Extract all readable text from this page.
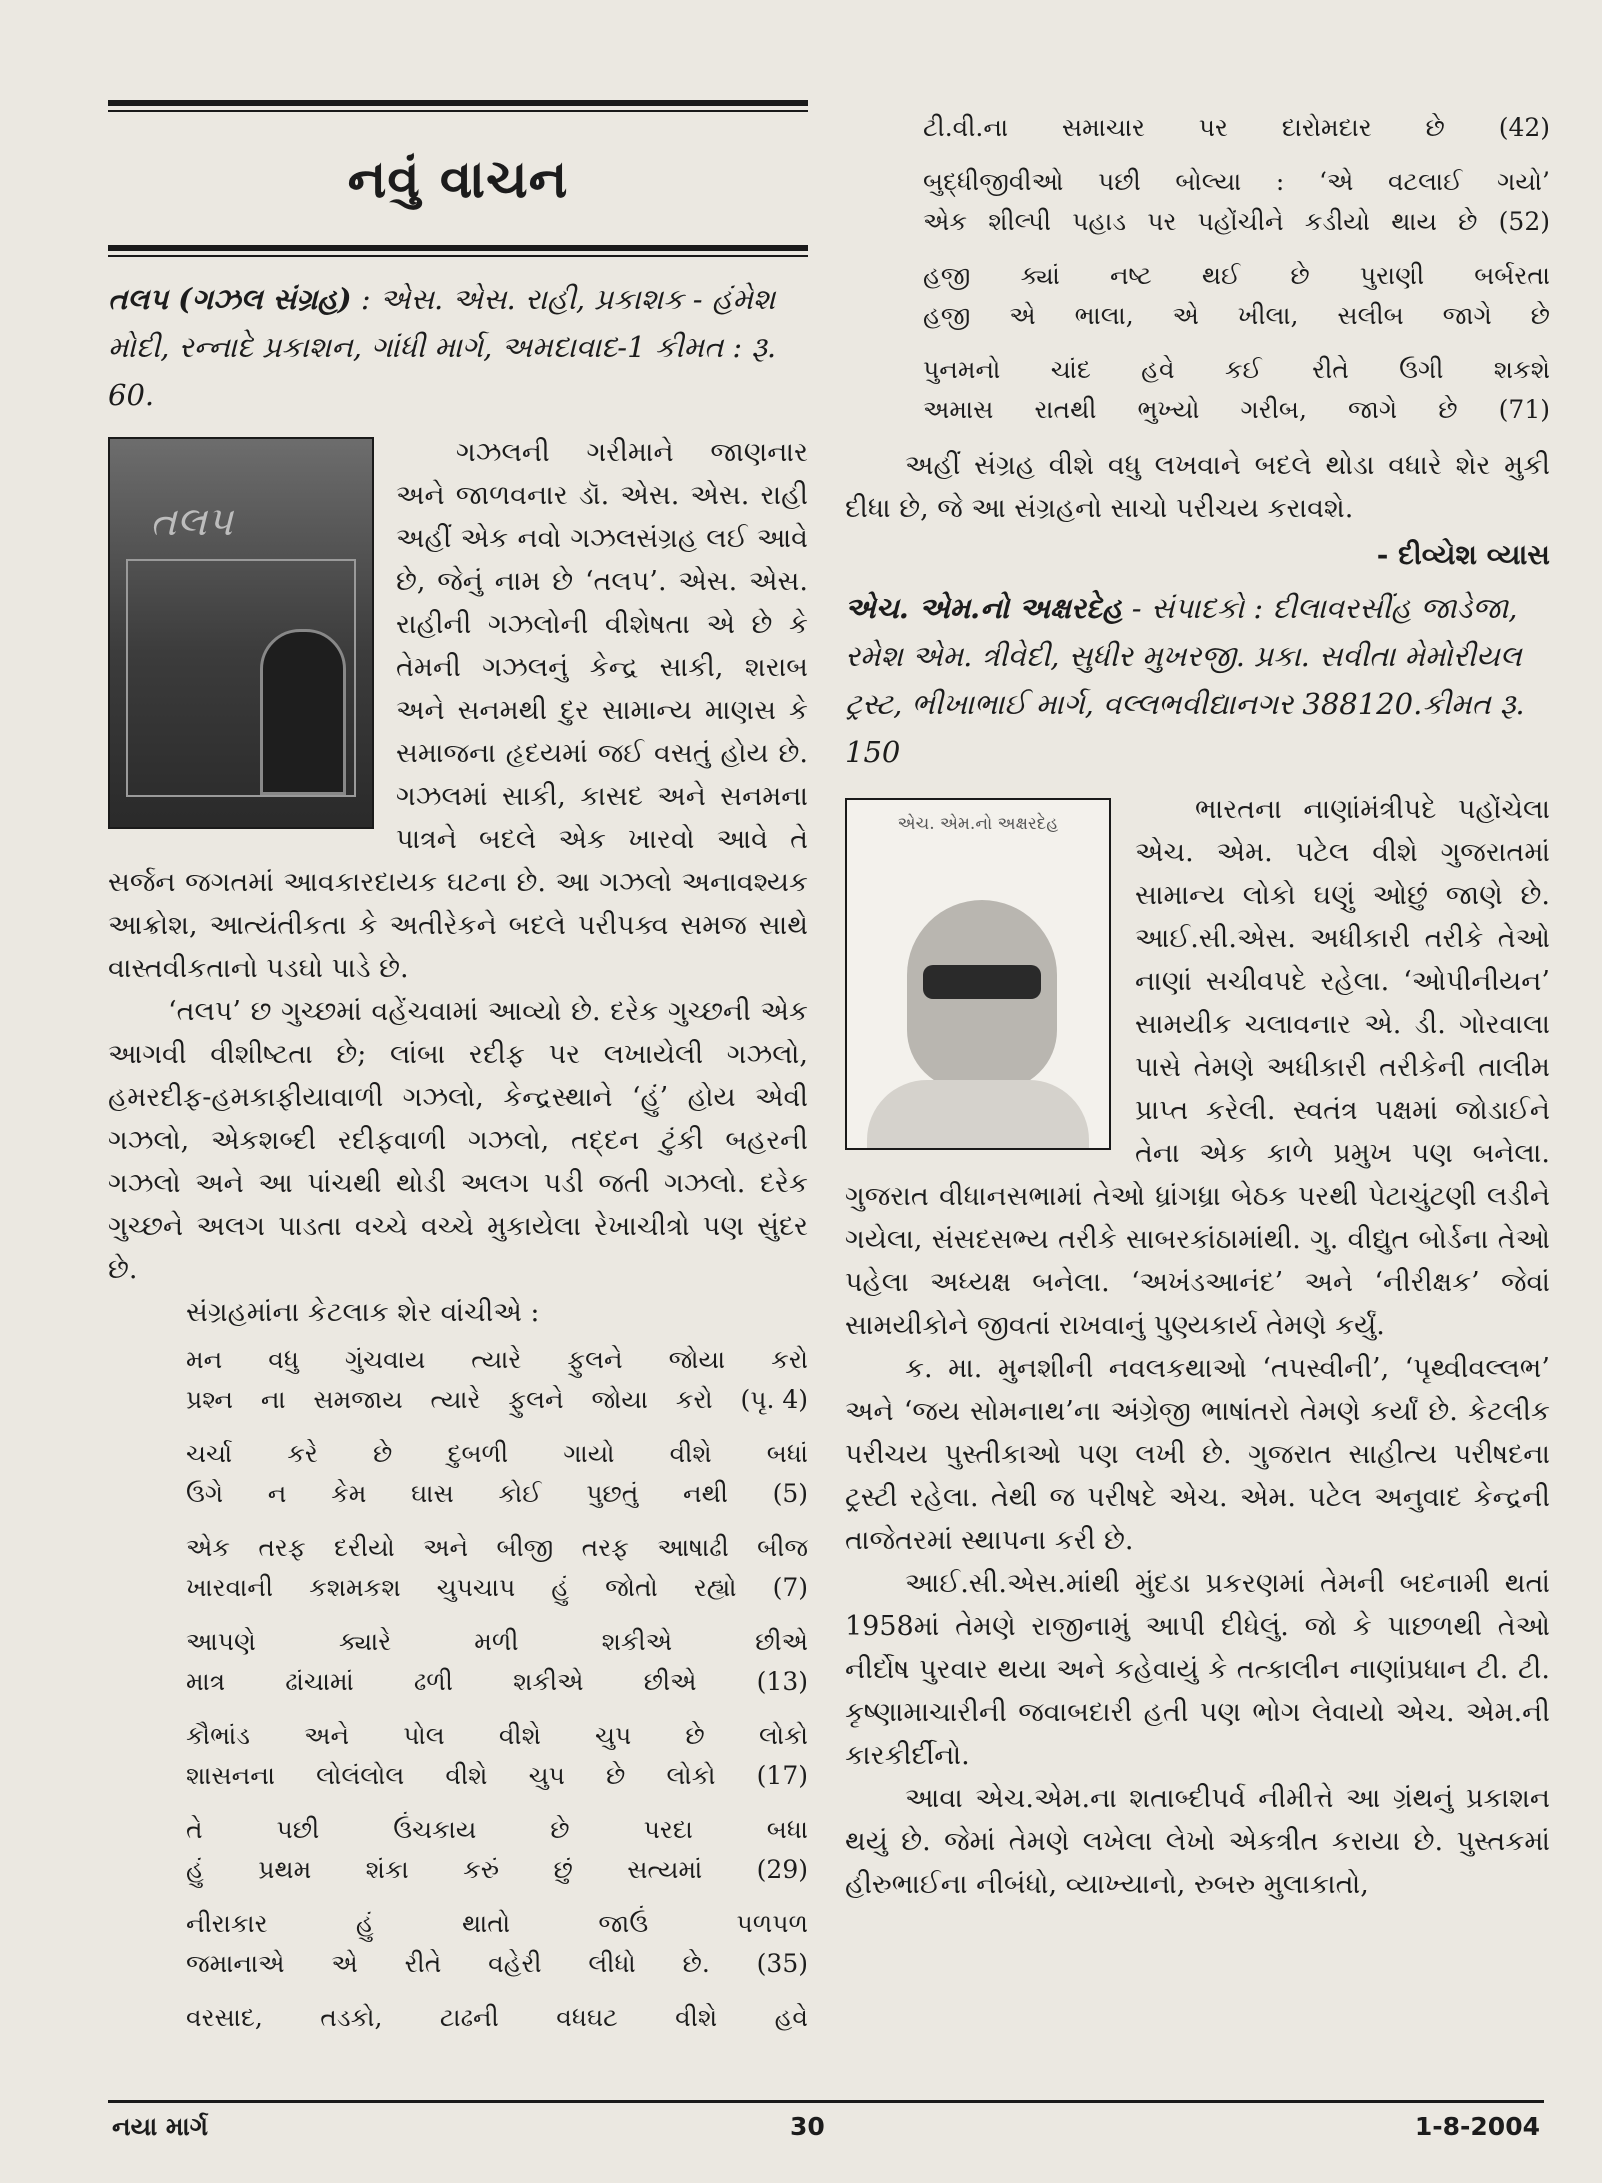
નવું વાચન
તલપ (ગઝલ સંગ્રહ) : એસ. એસ. રાહી, પ્રકાશક - હંમેશ મોદી, રન્નાદે પ્રકાશન, ગાંધી માર્ગ, અમદાવાદ-1 કીમત : રૂ. 60.
તલપ

ગઝલની ગરીમાને જાણનાર અને જાળવનાર ડૉ. એસ. એસ. રાહી અહીં એક નવો ગઝલસંગ્રહ લઈ આવે છે, જેનું નામ છે ‘તલપ’. એસ. એસ. રાહીની ગઝલોની વીશેષતા એ છે કે તેમની ગઝલનું કેન્દ્ર સાકી, શરાબ અને સનમથી દુર સામાન્ય માણસ કે સમાજના હૃદયમાં જઈ વસતું હોય છે. ગઝલમાં સાકી, કાસદ અને સનમના પાત્રને બદલે એક ખારવો આવે તે સર્જન જગતમાં આવકારદાયક ઘટના છે. આ ગઝલો અનાવશ્યક આક્રોશ, આત્યંતીકતા કે અતીરેકને બદલે પરીપક્વ સમજ સાથે વાસ્તવીકતાનો પડઘો પાડે છે.

‘તલપ’ છ ગુચ્છમાં વહેંચવામાં આવ્યો છે. દરેક ગુચ્છની એક આગવી વીશીષ્ટતા છે; લાંબા રદીફ પર લખાયેલી ગઝલો, હમરદીફ-હમકાફીયાવાળી ગઝલો, કેન્દ્રસ્થાને ‘હું’ હોય એવી ગઝલો, એકશબ્દી રદીફવાળી ગઝલો, તદ્દન ટુંકી બહરની ગઝલો અને આ પાંચથી થોડી અલગ પડી જતી ગઝલો. દરેક ગુચ્છને અલગ પાડતા વચ્ચે વચ્ચે મુકાયેલા રેખાચીત્રો પણ સુંદર છે.

સંગ્રહમાંના કેટલાક શેર વાંચીએ :

મન વધુ ગુંચવાય ત્યારે ફુલને જોયા કરો
પ્રશ્ન ના સમજાય ત્યારે ફુલને જોયા કરો (પૃ. 4)
ચર્ચા કરે છે દુબળી ગાયો વીશે બધાં
ઉગે ન કેમ ઘાસ કોઈ પુછતું નથી (5)
એક તરફ દરીયો અને બીજી તરફ આષાઢી બીજ
ખારવાની કશમકશ ચુપચાપ હું જોતો રહ્યો (7)
આપણે ક્યારે મળી શકીએ છીએ
માત્ર ઢાંચામાં ઢળી શકીએ છીએ (13)
કૌભાંડ અને પોલ વીશે ચુપ છે લોકો
શાસનના લોલંલોલ વીશે ચુપ છે લોકો (17)
તે પછી ઉંચકાય છે પરદા બધા
હું પ્રથમ શંકા કરું છું સત્યમાં (29)
નીરાકાર હું થાતો જાઉં પળપળ
જમાનાએ એ રીતે વહેરી લીધો છે. (35)
વરસાદ, તડકો, ટાઢની વધઘટ વીશે હવે
ટી.વી.ના સમાચાર પર દારોમદાર છે (42)
બુદ્ધીજીવીઓ પછી બોલ્યા : ‘એ વટલાઈ ગયો’
એક શીલ્પી પહાડ પર પહોંચીને કડીયો થાય છે (52)
હજી ક્યાં નષ્ટ થઈ છે પુરાણી બર્બરતા
હજી એ ભાલા, એ ખીલા, સલીબ જાગે છે
પુનમનો ચાંદ હવે કઈ રીતે ઉગી શકશે
અમાસ રાતથી ભુખ્યો ગરીબ, જાગે છે (71)

અહીં સંગ્રહ વીશે વધુ લખવાને બદલે થોડા વધારે શેર મુકી દીધા છે, જે આ સંગ્રહનો સાચો પરીચય કરાવશે.

- દીવ્યેશ વ્યાસ
એચ. એમ.નો અક્ષરદેહ - સંપાદકો : દીલાવરસીંહ જાડેજા, રમેશ એમ. ત્રીવેદી, સુધીર મુખરજી. પ્રકા. સવીતા મેમોરીયલ ટ્રસ્ટ, ભીખાભાઈ માર્ગ, વલ્લભવીદ્યાનગર 388120.કીમત રૂ. 150
એચ. એમ.નો અક્ષરદેહ	ભારતના નાણાંમંત્રીપદે પહોંચેલા એચ. એમ. પટેલ વીશે ગુજરાતમાં સામાન્ય લોકો ઘણું ઓછું જાણે છે. આઈ.સી.એસ. અધીકારી તરીકે તેઓ નાણાં સચીવપદે રહેલા. ‘ઓપીનીયન’ સામયીક ચલાવનાર એ. ડી. ગોરવાલા પાસે તેમણે અધીકારી તરીકેની તાલીમ પ્રાપ્ત કરેલી. સ્વતંત્ર પક્ષમાં જોડાઈને તેના એક કાળે પ્રમુખ પણ બનેલા. ગુજરાત વીધાનસભામાં તેઓ ધ્રાંગધ્રા બેઠક પરથી પેટાચુંટણી લડીને ગયેલા, સંસદસભ્ય તરીકે સાબરકાંઠામાંથી. ગુ. વીદ્યુત બોર્ડના તેઓ પહેલા અધ્યક્ષ બનેલા. ‘અખંડઆનંદ’ અને ‘નીરીક્ષક’ જેવાં સામયીકોને જીવતાં રાખવાનું પુણ્યકાર્ય તેમણે કર્યું.

ક. મા. મુનશીની નવલકથાઓ ‘તપસ્વીની’, ‘પૃથ્વીવલ્લભ’ અને ‘જય સોમનાથ’ના અંગ્રેજી ભાષાંતરો તેમણે કર્યાં છે. કેટલીક પરીચય પુસ્તીકાઓ પણ લખી છે. ગુજરાત સાહીત્ય પરીષદના ટ્રસ્ટી રહેલા. તેથી જ પરીષદે એચ. એમ. પટેલ અનુવાદ કેન્દ્રની તાજેતરમાં સ્થાપના કરી છે.

આઈ.સી.એસ.માંથી મુંદડા પ્રકરણમાં તેમની બદનામી થતાં 1958માં તેમણે રાજીનામું આપી દીધેલું. જો કે પાછળથી તેઓ નીર્દોષ પુરવાર થયા અને કહેવાયું કે તત્કાલીન નાણાંપ્રધાન ટી. ટી. કૃષ્ણામાચારીની જવાબદારી હતી પણ ભોગ લેવાયો એચ. એમ.ની કારકીર્દીનો.

આવા એચ.એમ.ના શતાબ્દીપર્વ નીમીત્તે આ ગ્રંથનું પ્રકાશન થયું છે. જેમાં તેમણે લખેલા લેખો એકત્રીત કરાયા છે. પુસ્તકમાં હીરુભાઈના નીબંધો, વ્યાખ્યાનો, રુબરુ મુલાકાતો,

નયા માર્ગ	30	1-8-2004
